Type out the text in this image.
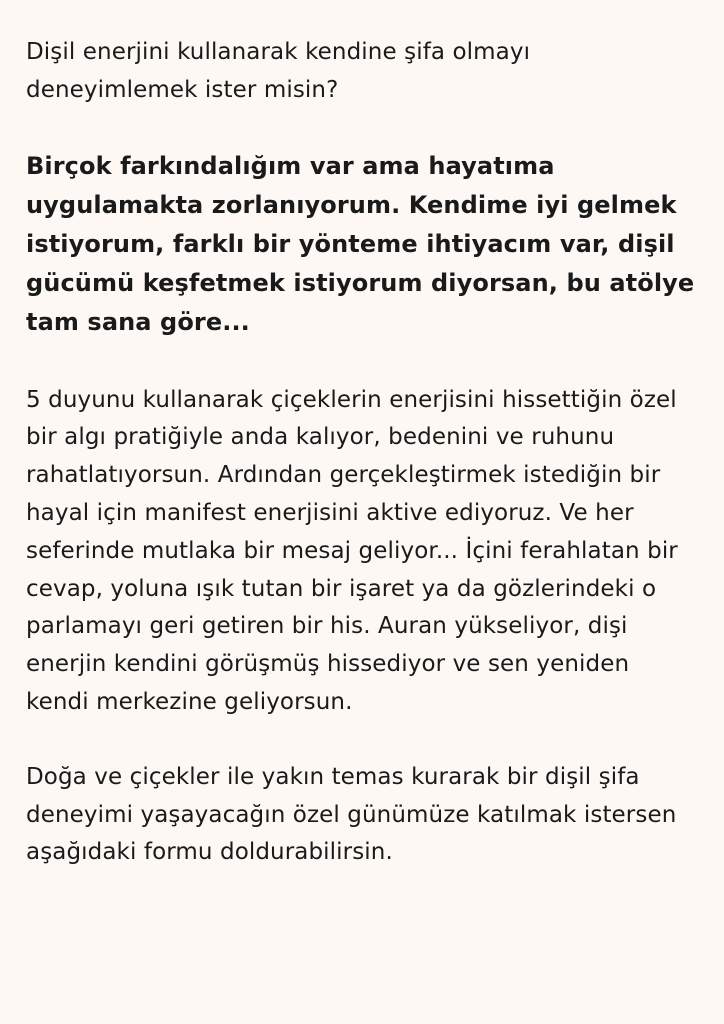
Dişil enerjini kullanarak kendine şifa olmayı deneyimlemek ister misin?

Birçok farkındalığım var ama hayatıma uygulamakta zorlanıyorum. Kendime iyi gelmek istiyorum, farklı bir yönteme ihtiyacım var, dişil gücümü keşfetmek istiyorum diyorsan, bu atölye tam sana göre...

5 duyunu kullanarak çiçeklerin enerjisini hissettiğin özel bir algı pratiğiyle anda kalıyor, bedenini ve ruhunu rahatlatıyorsun. Ardından gerçekleştirmek istediğin bir hayal için manifest enerjisini aktive ediyoruz. Ve her seferinde mutlaka bir mesaj geliyor... İçini ferahlatan bir cevap, yoluna ışık tutan bir işaret ya da gözlerindeki o parlamayı geri getiren bir his. Auran yükseliyor, dişi enerjin kendini görüşmüş hissediyor ve sen yeniden kendi merkezine geliyorsun.

Doğa ve çiçekler ile yakın temas kurarak bir dişil şifa deneyimi yaşayacağın özel günümüze katılmak istersen aşağıdaki formu doldurabilirsin.
